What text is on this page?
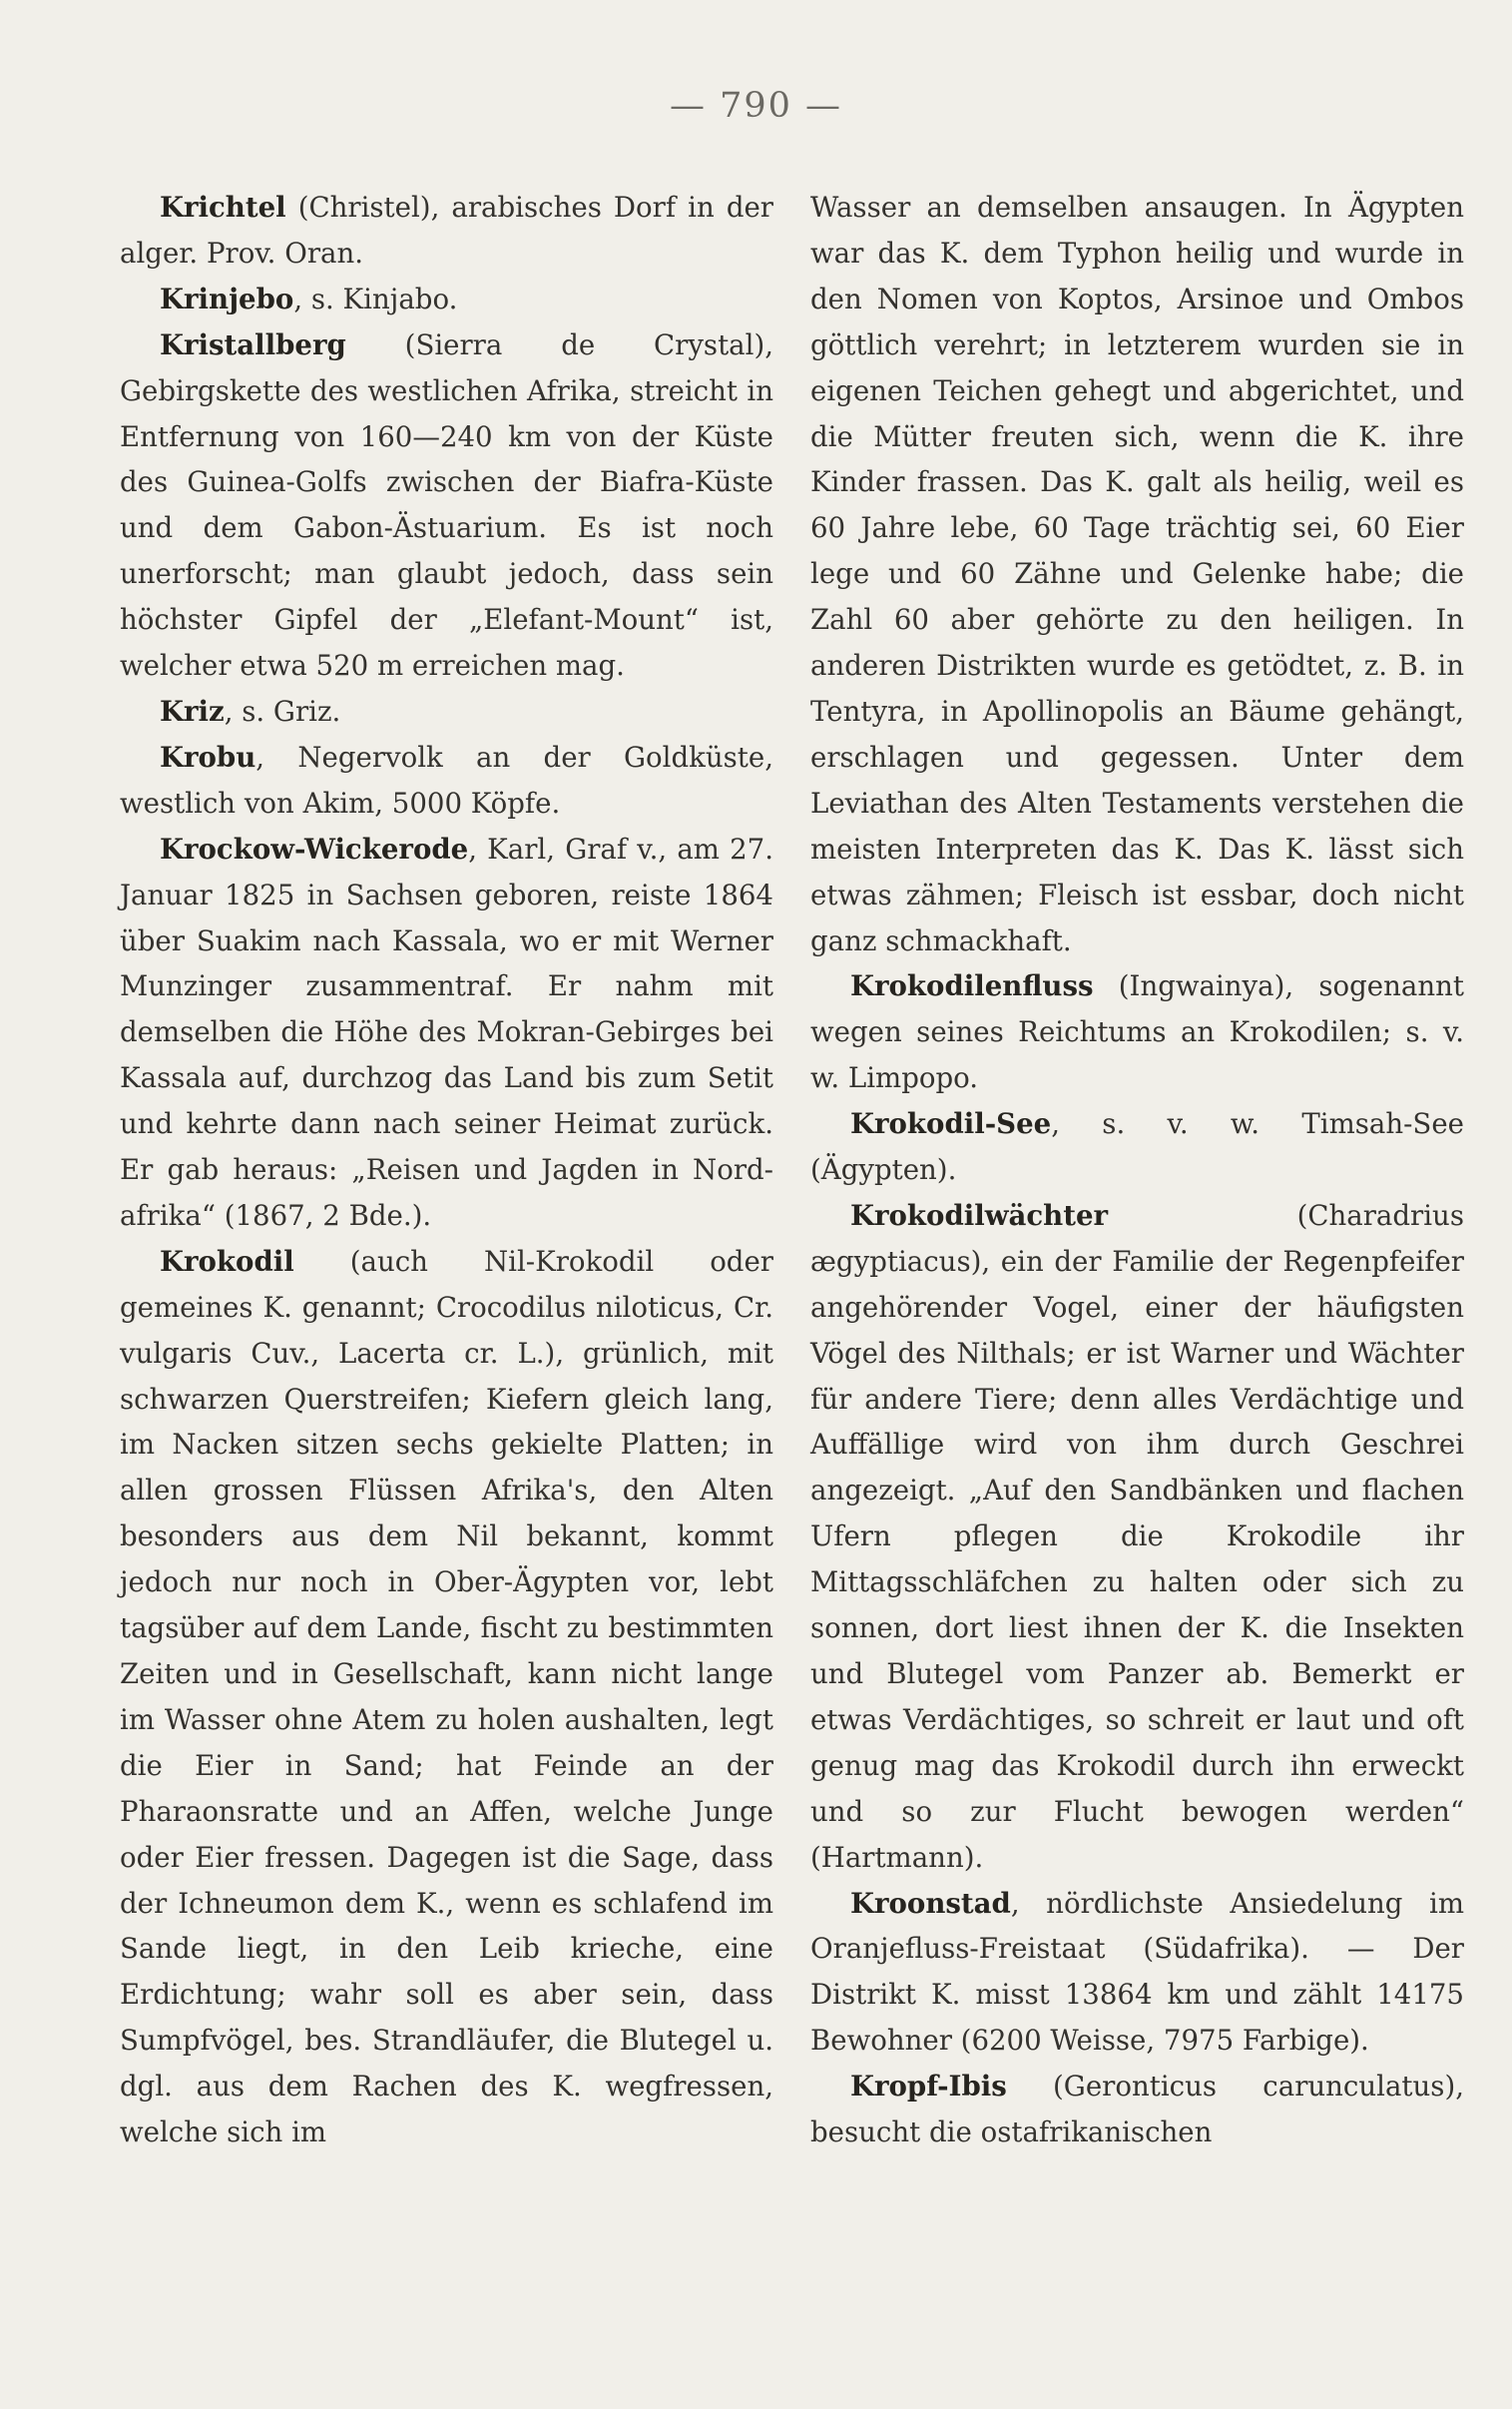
— 790 —

Krichtel (Christel), arabisches Dorf in der alger. Prov. Oran.

Krinjebo, s. Kinjabo.

Kristallberg (Sierra de Crystal), Gebirgskette des westlichen Afrika, streicht in Entfernung von 160—240 km von der Küste des Guinea-Golfs zwischen der Biafra-Küste und dem Gabon-Ästuarium. Es ist noch unerforscht; man glaubt jedoch, dass sein höchster Gipfel der „Elefant-Mount“ ist, welcher etwa 520 m erreichen mag.

Kriz, s. Griz.

Krobu, Negervolk an der Goldküste, westlich von Akim, 5000 Köpfe.

Krockow-Wickerode, Karl, Graf v., am 27. Januar 1825 in Sachsen geboren, reiste 1864 über Suakim nach Kassala, wo er mit Werner Munzinger zusammentraf. Er nahm mit demselben die Höhe des Mokran-Gebirges bei Kassala auf, durchzog das Land bis zum Setit und kehrte dann nach seiner Heimat zurück. Er gab heraus: „Reisen und Jagden in Nord-afrika“ (1867, 2 Bde.).

Krokodil (auch Nil-Krokodil oder gemeines K. genannt; Crocodilus niloticus, Cr. vulgaris Cuv., Lacerta cr. L.), grünlich, mit schwarzen Querstreifen; Kiefern gleich lang, im Nacken sitzen sechs gekielte Platten; in allen grossen Flüssen Afrika's, den Alten besonders aus dem Nil bekannt, kommt jedoch nur noch in Ober-Ägypten vor, lebt tagsüber auf dem Lande, fischt zu bestimmten Zeiten und in Gesellschaft, kann nicht lange im Wasser ohne Atem zu holen aushalten, legt die Eier in Sand; hat Feinde an der Pharaonsratte und an Affen, welche Junge oder Eier fressen. Dagegen ist die Sage, dass der Ichneumon dem K., wenn es schlafend im Sande liegt, in den Leib krieche, eine Erdichtung; wahr soll es aber sein, dass Sumpfvögel, bes. Strandläufer, die Blutegel u. dgl. aus dem Rachen des K. wegfressen, welche sich im

Wasser an demselben ansaugen. In Ägypten war das K. dem Typhon heilig und wurde in den Nomen von Koptos, Arsinoe und Ombos göttlich verehrt; in letzterem wurden sie in eigenen Teichen gehegt und abgerichtet, und die Mütter freuten sich, wenn die K. ihre Kinder frassen. Das K. galt als heilig, weil es 60 Jahre lebe, 60 Tage trächtig sei, 60 Eier lege und 60 Zähne und Gelenke habe; die Zahl 60 aber gehörte zu den heiligen. In anderen Distrikten wurde es getödtet, z. B. in Tentyra, in Apollinopolis an Bäume gehängt, erschlagen und gegessen. Unter dem Leviathan des Alten Testaments verstehen die meisten Interpreten das K. Das K. lässt sich etwas zähmen; Fleisch ist essbar, doch nicht ganz schmackhaft.

Krokodilenfluss (Ingwainya), sogenannt wegen seines Reichtums an Krokodilen; s. v. w. Limpopo.

Krokodil-See, s. v. w. Timsah-See (Ägypten).

Krokodilwächter (Charadrius ægyptiacus), ein der Familie der Regenpfeifer angehörender Vogel, einer der häufigsten Vögel des Nilthals; er ist Warner und Wächter für andere Tiere; denn alles Verdächtige und Auffällige wird von ihm durch Geschrei angezeigt. „Auf den Sandbänken und flachen Ufern pflegen die Krokodile ihr Mittagsschläfchen zu halten oder sich zu sonnen, dort liest ihnen der K. die Insekten und Blutegel vom Panzer ab. Bemerkt er etwas Verdächtiges, so schreit er laut und oft genug mag das Krokodil durch ihn erweckt und so zur Flucht bewogen werden“ (Hartmann).

Kroonstad, nördlichste Ansiedelung im Oranjefluss-Freistaat (Südafrika). — Der Distrikt K. misst 13864 km und zählt 14175 Bewohner (6200 Weisse, 7975 Farbige).

Kropf-Ibis (Geronticus carunculatus), besucht die ostafrikanischen
